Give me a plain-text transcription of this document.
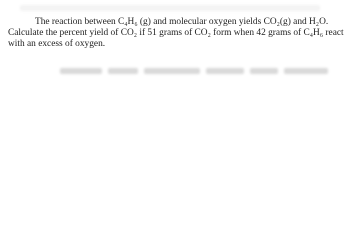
The reaction between C₄H₆ (g) and molecular oxygen yields CO₂(g) and H₂O. Calculate the percent yield of CO₂ if 51 grams of CO₂ form when 42 grams of C₄H₆ react with an excess of oxygen.
